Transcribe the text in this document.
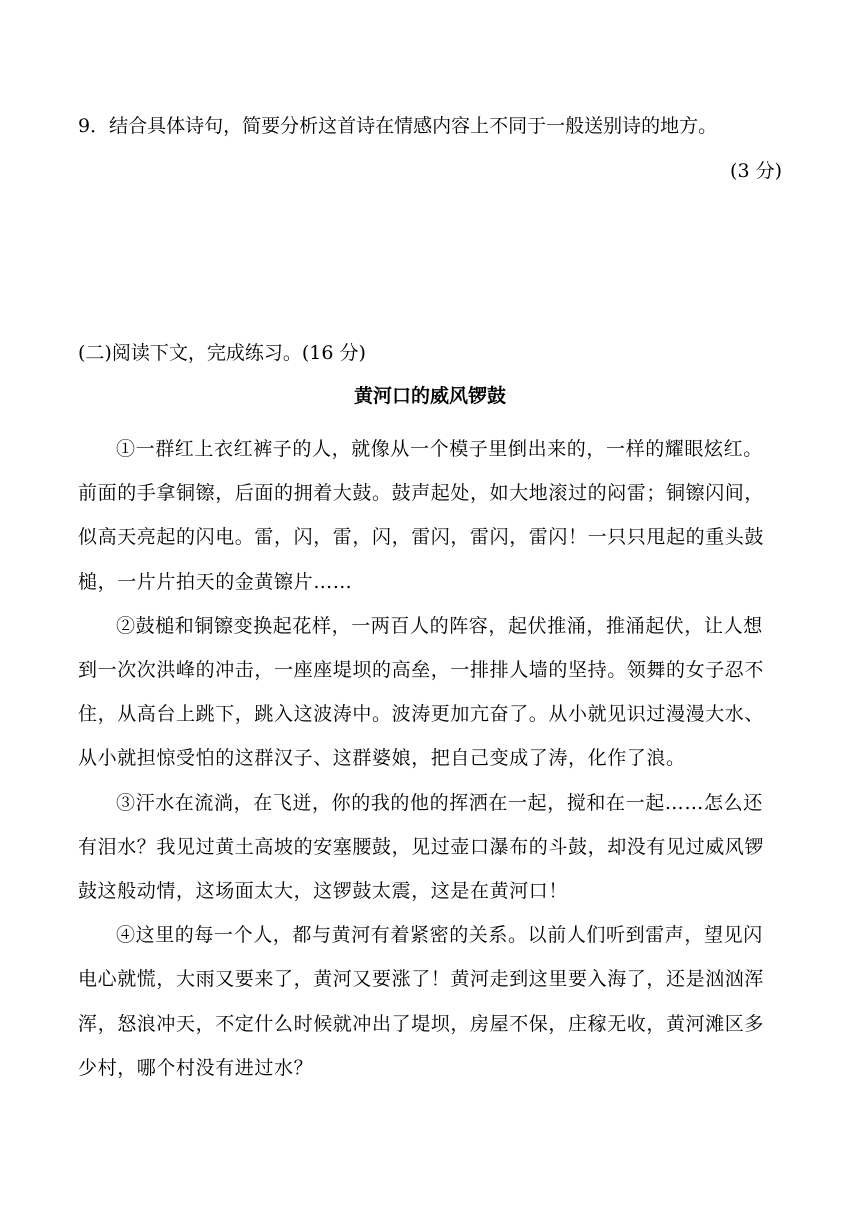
9．结合具体诗句，简要分析这首诗在情感内容上不同于一般送别诗的地方。
(3 分)
(二)阅读下文，完成练习。(16 分)
黄河口的威风锣鼓

①一群红上衣红裤子的人，就像从一个模子里倒出来的，一样的耀眼炫红。前面的手拿铜镲，后面的拥着大鼓。鼓声起处，如大地滚过的闷雷；铜镲闪间，似高天亮起的闪电。雷，闪，雷，闪，雷闪，雷闪，雷闪！一只只甩起的重头鼓槌，一片片拍天的金黄镲片……

②鼓槌和铜镲变换起花样，一两百人的阵容，起伏推涌，推涌起伏，让人想到一次次洪峰的冲击，一座座堤坝的高垒，一排排人墙的坚持。领舞的女子忍不住，从高台上跳下，跳入这波涛中。波涛更加亢奋了。从小就见识过漫漫大水、从小就担惊受怕的这群汉子、这群婆娘，把自己变成了涛，化作了浪。

③汗水在流淌，在飞迸，你的我的他的挥洒在一起，搅和在一起……怎么还有泪水？我见过黄土高坡的安塞腰鼓，见过壶口瀑布的斗鼓，却没有见过威风锣鼓这般动情，这场面太大，这锣鼓太震，这是在黄河口！

④这里的每一个人，都与黄河有着紧密的关系。以前人们听到雷声，望见闪电心就慌，大雨又要来了，黄河又要涨了！黄河走到这里要入海了，还是汹汹浑浑，怒浪冲天，不定什么时候就冲出了堤坝，房屋不保，庄稼无收，黄河滩区多少村，哪个村没有进过水？
